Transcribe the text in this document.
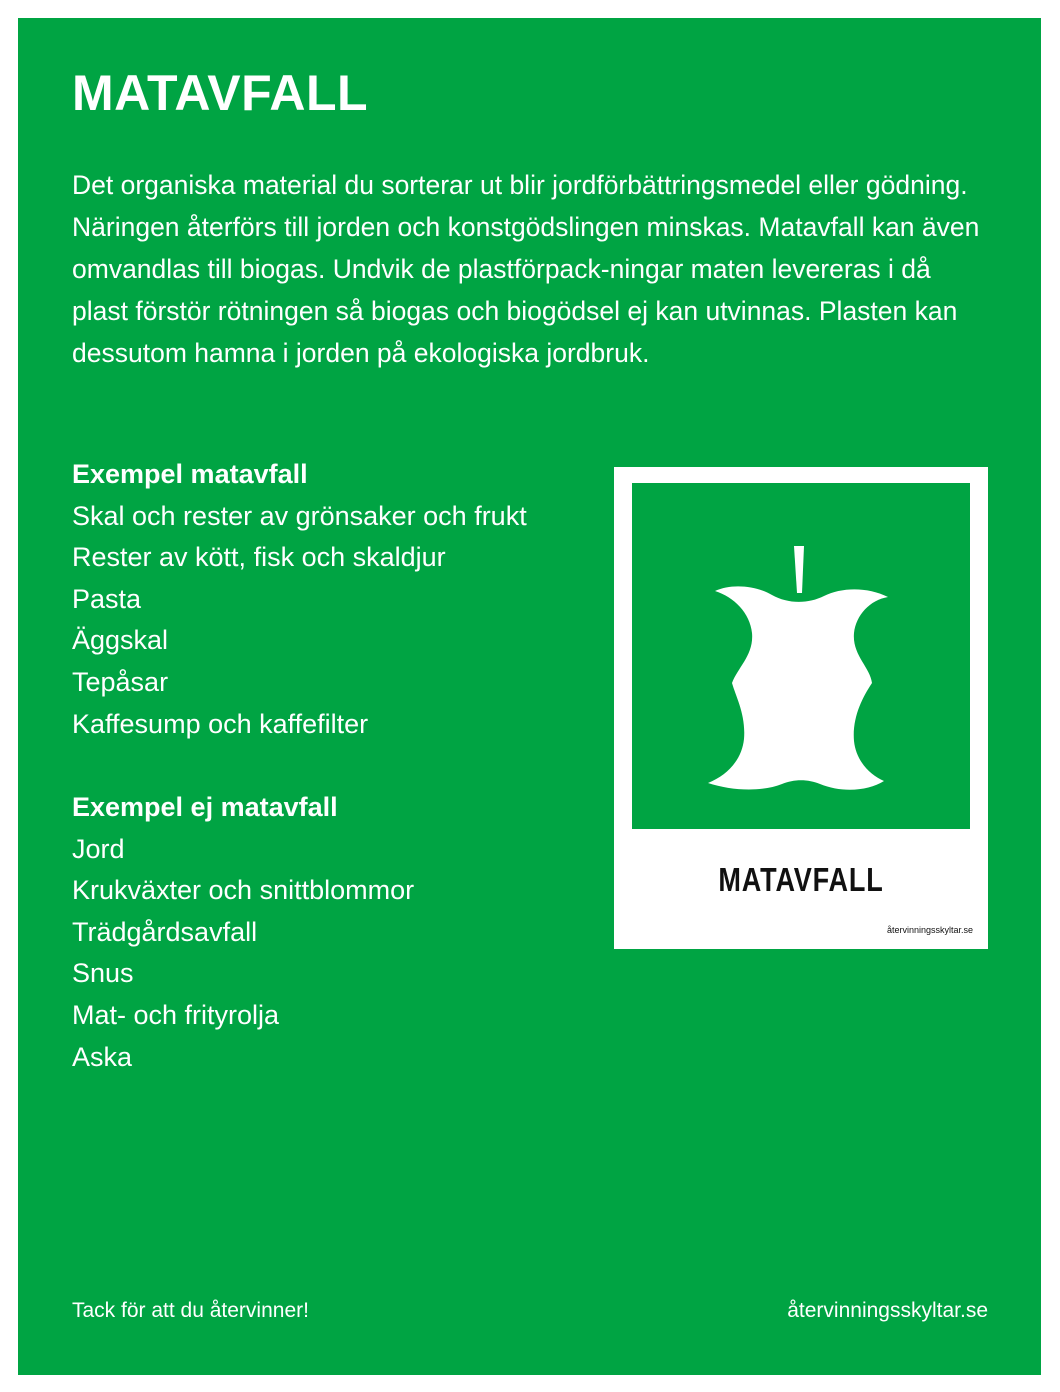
MATAVFALL

Det organiska material du sorterar ut blir jordförbättringsmedel eller gödning. Näringen återförs till jorden och konstgödslingen minskas. Matavfall kan även omvandlas till biogas. Undvik de plastförpack-ningar maten levereras i då plast förstör rötningen så biogas och biogödsel ej kan utvinnas. Plasten kan dessutom hamna i jorden på ekologiska jordbruk.

Exempel matavfall
Skal och rester av grönsaker och frukt
Rester av kött, fisk och skaldjur
Pasta
Äggskal
Tepåsar
Kaffesump och kaffefilter
Exempel ej matavfall
Jord
Krukväxter och snittblommor
Trädgårdsavfall
Snus
Mat- och frityrolja
Aska
MATAVFALL
återvinningsskyltar.se
Tack för att du återvinner!	återvinningsskyltar.se
